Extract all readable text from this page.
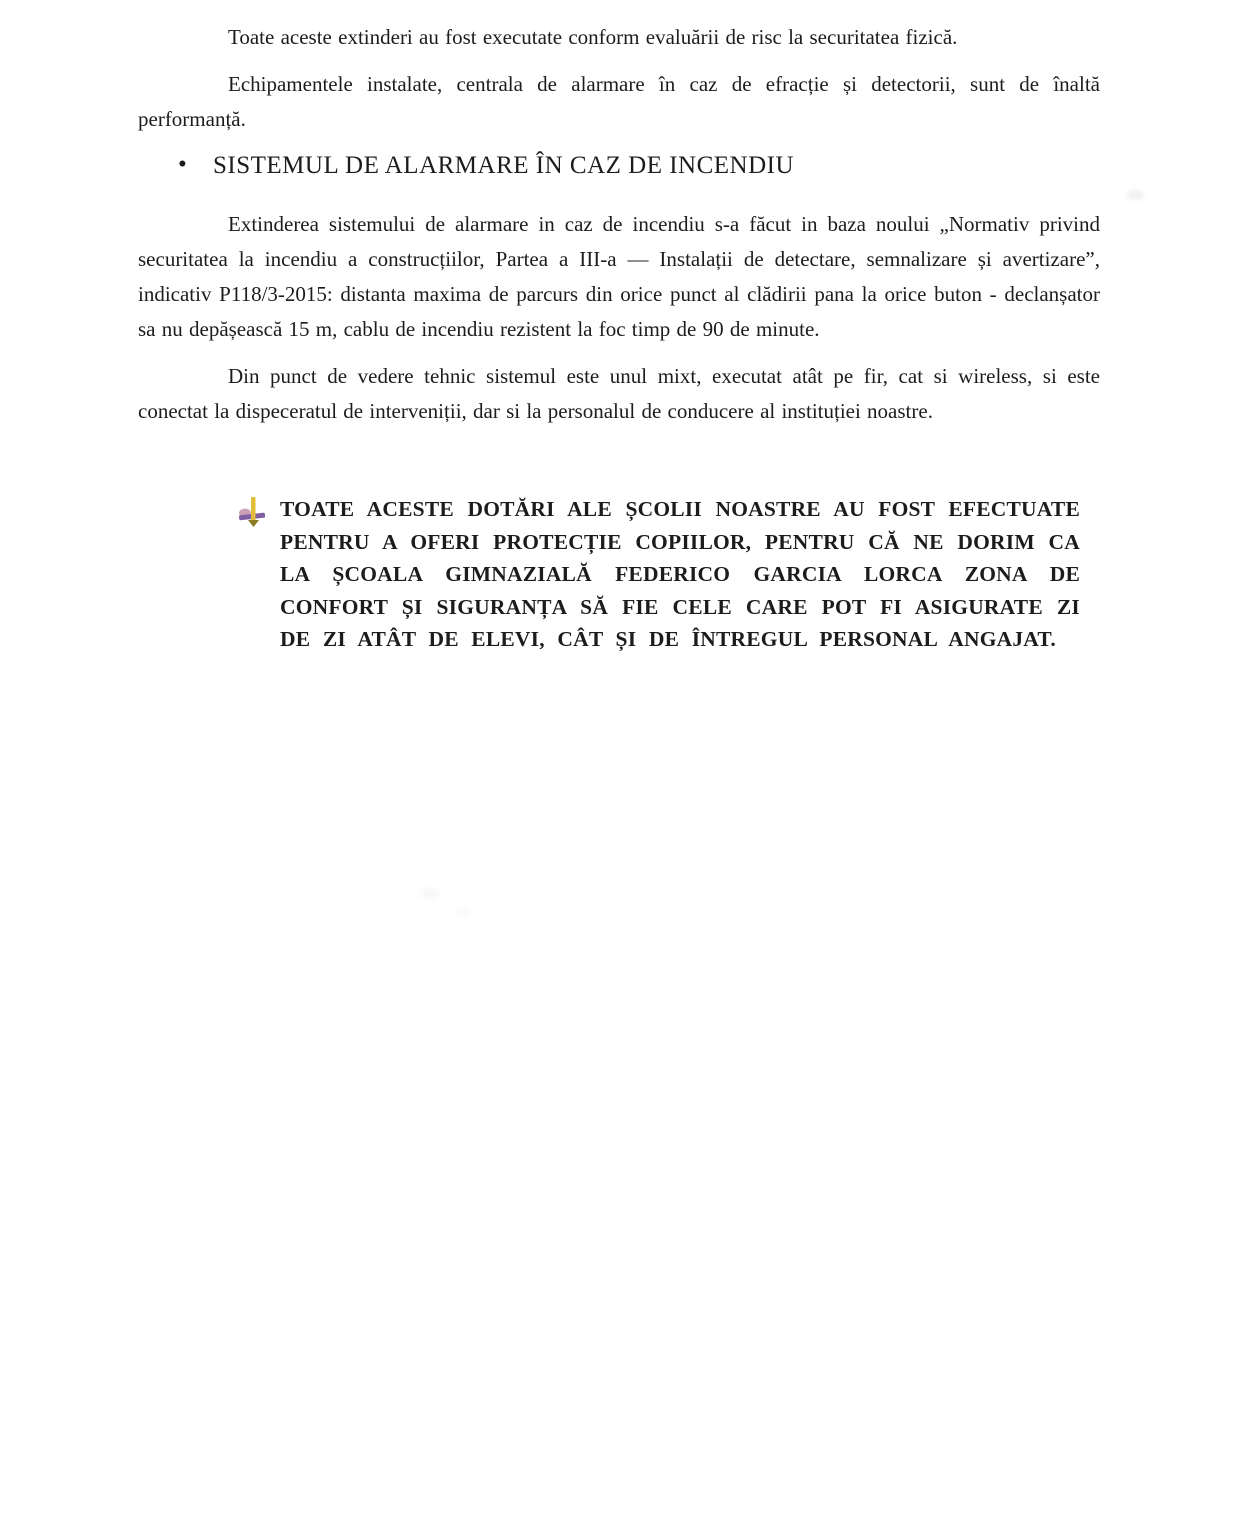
Toate aceste extinderi au fost executate conform evaluării de risc la securitatea fizică.

Echipamentele instalate, centrala de alarmare în caz de efracție și detectorii, sunt de înaltă performanță.

• SISTEMUL DE ALARMARE ÎN CAZ DE INCENDIU

Extinderea sistemului de alarmare in caz de incendiu s-a făcut in baza noului „Normativ privind securitatea la incendiu a construcțiilor, Partea a III-a — Instalații de detectare, semnalizare și avertizare”, indicativ P118/3-2015: distanta maxima de parcurs din orice punct al clădirii pana la orice buton - declanșator sa nu depășească 15 m, cablu de incendiu rezistent la foc timp de 90 de minute.

Din punct de vedere tehnic sistemul este unul mixt, executat atât pe fir, cat si wireless, si este conectat la dispeceratul de interveniții, dar si la personalul de conducere al instituției noastre.

TOATE ACESTE DOTĂRI ALE ȘCOLII NOASTRE AU FOST EFECTUATE PENTRU A OFERI PROTECȚIE COPIILOR, PENTRU CĂ NE DORIM CA LA ȘCOALA GIMNAZIALĂ FEDERICO GARCIA LORCA ZONA DE CONFORT ȘI SIGURANȚA SĂ FIE CELE CARE POT FI ASIGURATE ZI DE ZI ATÂT DE ELEVI, CÂT ȘI DE ÎNTREGUL PERSONAL ANGAJAT.
